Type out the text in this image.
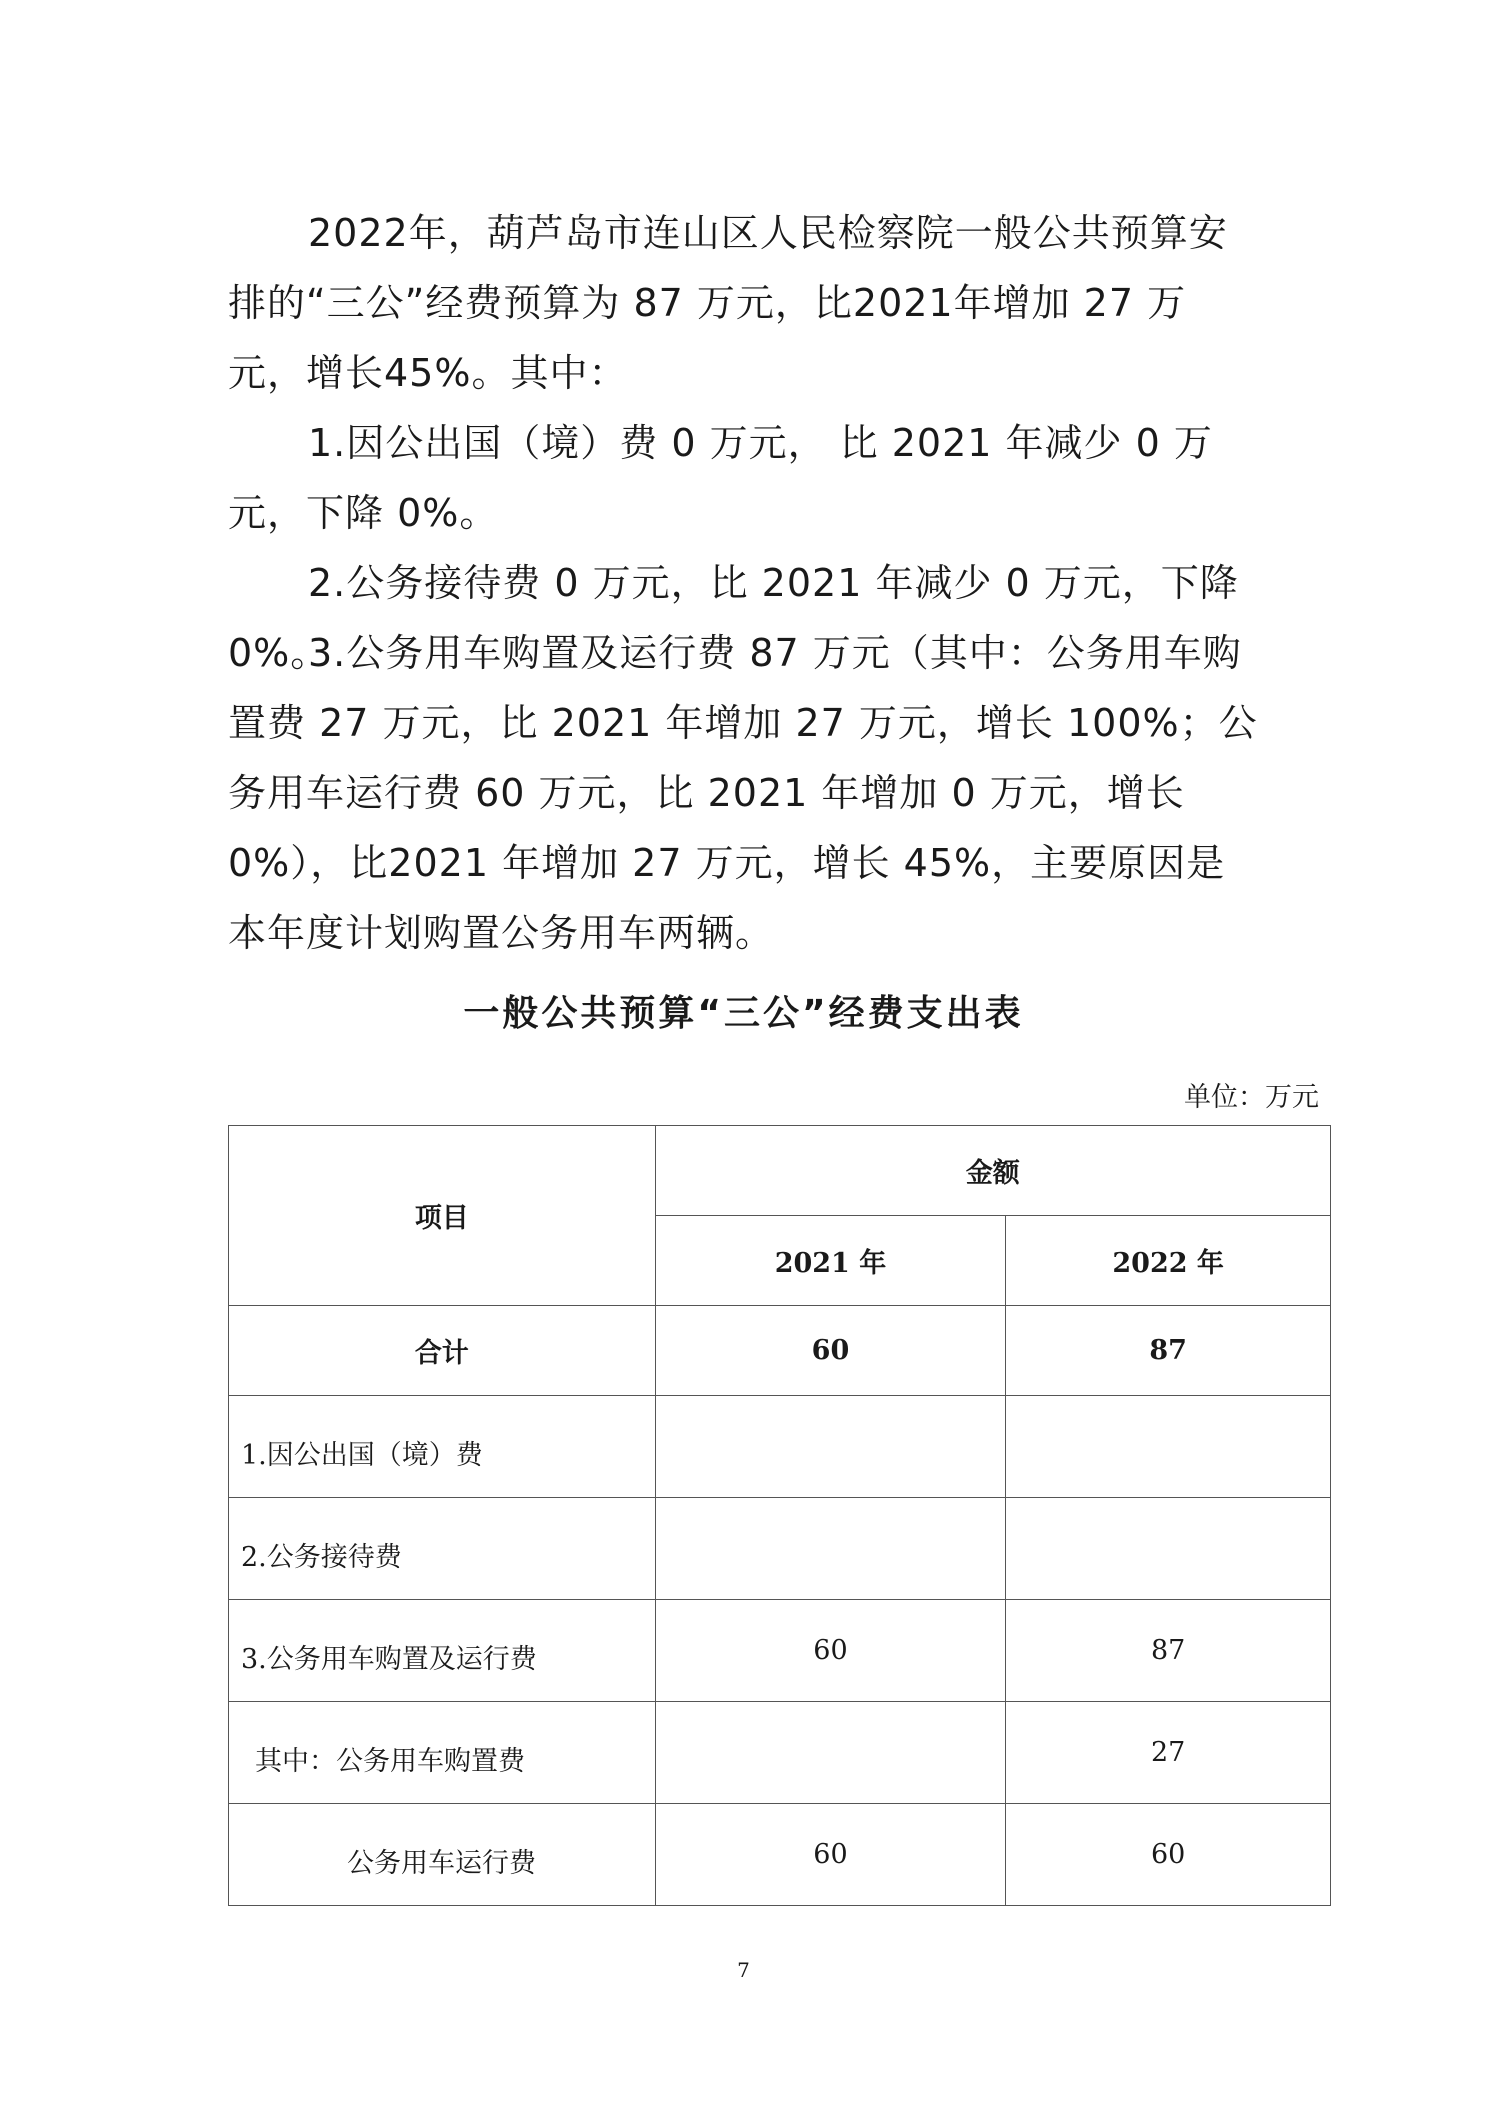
2022年，葫芦岛市连山区人民检察院一般公共预算安排的“三公”经费预算为 87 万元，比2021年增加 27 万元，增长45%。其中：

1.因公出国（境）费 0 万元， 比 2021 年减少 0 万元，下降 0%。

2.公务接待费 0 万元，比 2021 年减少 0 万元，下降0%。

3.公务用车购置及运行费 87 万元（其中：公务用车购置费 27 万元，比 2021 年增加 27 万元，增长 100%；公务用车运行费 60 万元，比 2021 年增加 0 万元，增长 0%），比2021 年增加 27 万元，增长 45%，主要原因是本年度计划购置公务用车两辆。

一般公共预算“三公”经费支出表
单位：万元
项目	金额	
	2021 年	2022 年
合计	60	87
1.因公出国（境）费		
2.公务接待费		
3.公务用车购置及运行费	60	87
其中：公务用车购置费		27
公务用车运行费	60	60
7
